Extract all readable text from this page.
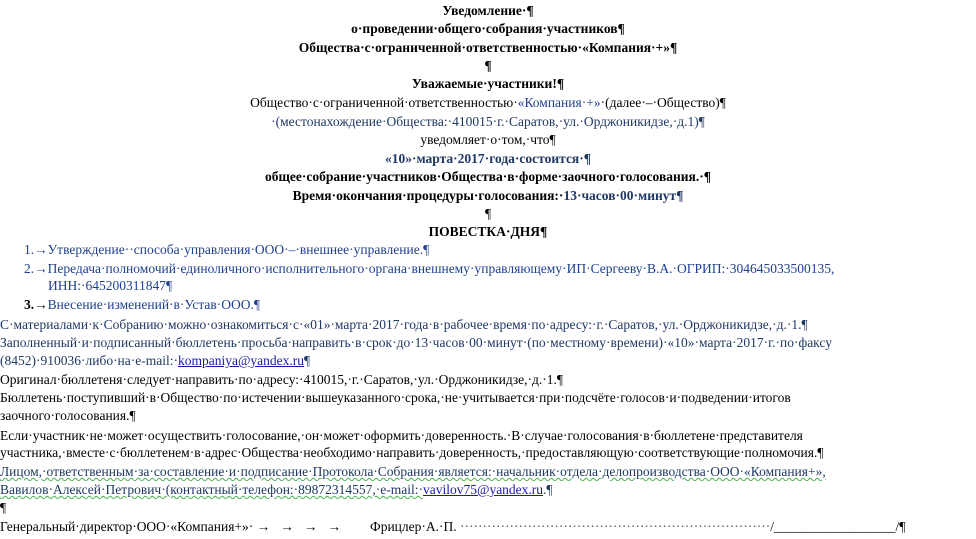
Уведомление·¶
о·проведении·общего·собрания·участников¶
Общества·с·ограниченной·ответственностью·«Компания·+»¶
¶
Уважаемые·участники!¶
Общество·с·ограниченной·ответственностью·«Компания·+»·(далее·–·Общество)¶
·(местонахождение·Общества:·410015·г.·Саратов,·ул.·Орджоникидзе,·д.1)¶
уведомляет·о·том,·что¶
«10»·марта·2017·года·состоится·¶
общее·собрание·участников·Общества·в·форме·заочного·голосования.·¶
Время·окончания·процедуры·голосования:·13·часов·00·минут¶
¶
ПОВЕСТКА·ДНЯ¶
1.→Утверждение··способа·управления·ООО·–·внешнее·управление.¶
2.→Передача·полномочий·единоличного·исполнительного·органа·внешнему·управляющему·ИП·Сергееву·В.А.·ОГРИП:·304645033500135,
ИНН:·645200311847¶
3.→Внесение·изменений·в·Устав·ООО.¶
С·материалами·к·Собранию·можно·ознакомиться·с·«01»·марта·2017·года·в·рабочее·время·по·адресу:·г.·Саратов,·ул.·Орджоникидзе,·д.·1.¶
Заполненный·и·подписанный·бюллетень·просьба·направить·в·срок·до·13·часов·00·минут·(по·местному·времени)·«10»·марта·2017·г.·по·факсу
(8452)·910036·либо·на·e-mail:·kompaniya@yandex.ru¶
Оригинал·бюллетеня·следует·направить·по·адресу:·410015,·г.·Саратов,·ул.·Орджоникидзе,·д.·1.¶
Бюллетень·поступивший·в·Общество·по·истечении·вышеуказанного·срока,·не·учитывается·при·подсчёте·голосов·и·подведении·итогов
заочного·голосования.¶
Если·участник·не·может·осуществить·голосование,·он·может·оформить·доверенность.·В·случае·голосования·в·бюллетене·представителя
участника,·вместе·с·бюллетенем·в·адрес·Общества·необходимо·направить·доверенность,·предоставляющую·соответствующие·полномочия.¶
Лицом,·ответственным·за·составление·и·подписание·Протокола·Собрания·является:·начальник·отдела·делопроизводства·ООО·«Компания+»,
Вавилов·Алексей·Петрович·(контактный·телефон:·89872314557,·e-mail:·vavilov75@yandex.ru.¶
¶
Генеральный·директор·ООО·«Компания+»· →   →   →   → Фрицлер·А.·П. ·····································································/__________________/¶
